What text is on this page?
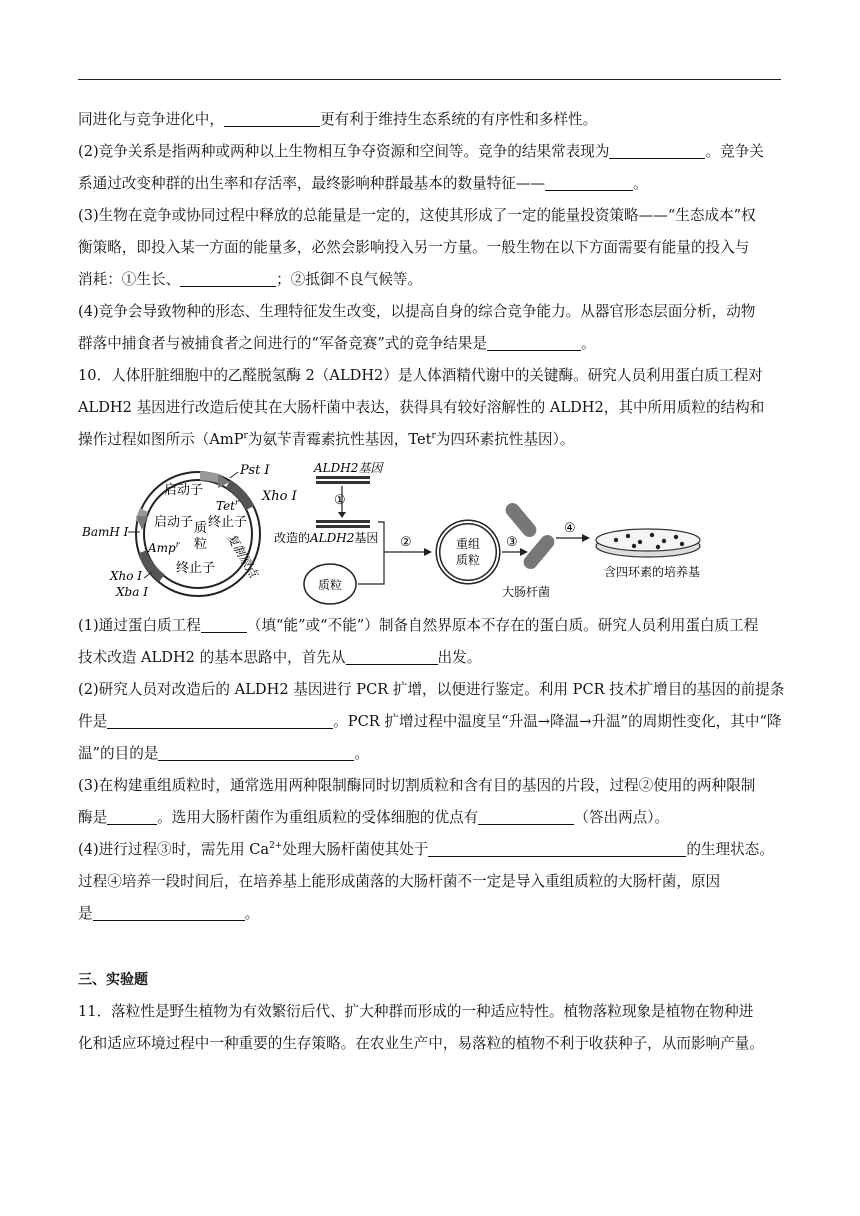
同进化与竞争进化中，	更有利于维持生态系统的有序性和多样性。

(2)竞争关系是指两种或两种以上生物相互争夺资源和空间等。竞争的结果常表现为	。竞争关

系通过改变种群的出生率和存活率，最终影响种群最基本的数量特征——	。

(3)生物在竞争或协同过程中释放的总能量是一定的，这使其形成了一定的能量投资策略——“生态成本”权

衡策略，即投入某一方面的能量多，必然会影响投入另一方量。一般生物在以下方面需要有能量的投入与

消耗：①生长、	；②抵御不良气候等。

(4)竞争会导致物种的形态、生理特征发生改变，以提高自身的综合竞争能力。从器官形态层面分析，动物

群落中捕食者与被捕食者之间进行的“军备竞赛”式的竞争结果是	。

10．人体肝脏细胞中的乙醛脱氢酶 2（ALDH2）是人体酒精代谢中的关键酶。研究人员利用蛋白质工程对

ALDH2 基因进行改造后使其在大肠杆菌中表达，获得具有较好溶解性的 ALDH2，其中所用质粒的结构和

操作过程如图所示（AmP$^r$为氨苄青霉素抗性基因，Tet$^r$为四环素抗性基因）。

Pst Ⅰ
启动子	Xho Ⅰ
Tet$^r$
终止子
BamH Ⅰ
启动子 质
粒 复制原点
Amp$^r$
终止子
Xho Ⅰ
Xba Ⅰ
ALDH2基因
①
改造的ALDH2基因
质粒
②	重组
质粒
③
大肠杆菌
④
含四环素的培养基

(1)通过蛋白质工程	（填“能”或“不能”）制备自然界原本不存在的蛋白质。研究人员利用蛋白质工程

技术改造 ALDH2 的基本思路中，首先从	出发。

(2)研究人员对改造后的 ALDH2 基因进行 PCR 扩增，以便进行鉴定。利用 PCR 技术扩增目的基因的前提条

件是	。PCR 扩增过程中温度呈“升温→降温→升温”的周期性变化，其中“降

温”的目的是	。

(3)在构建重组质粒时，通常选用两种限制酶同时切割质粒和含有目的基因的片段，过程②使用的两种限制

酶是	。选用大肠杆菌作为重组质粒的受体细胞的优点有	（答出两点）。

(4)进行过程③时，需先用 $Ca^{2+}$处理大肠杆菌使其处于	的生理状态。

过程④培养一段时间后，在培养基上能形成菌落的大肠杆菌不一定是导入重组质粒的大肠杆菌，原因

是	。

三、实验题

11．落粒性是野生植物为有效繁衍后代、扩大种群而形成的一种适应特性。植物落粒现象是植物在物种进

化和适应环境过程中一种重要的生存策略。在农业生产中，易落粒的植物不利于收获种子，从而影响产量。
